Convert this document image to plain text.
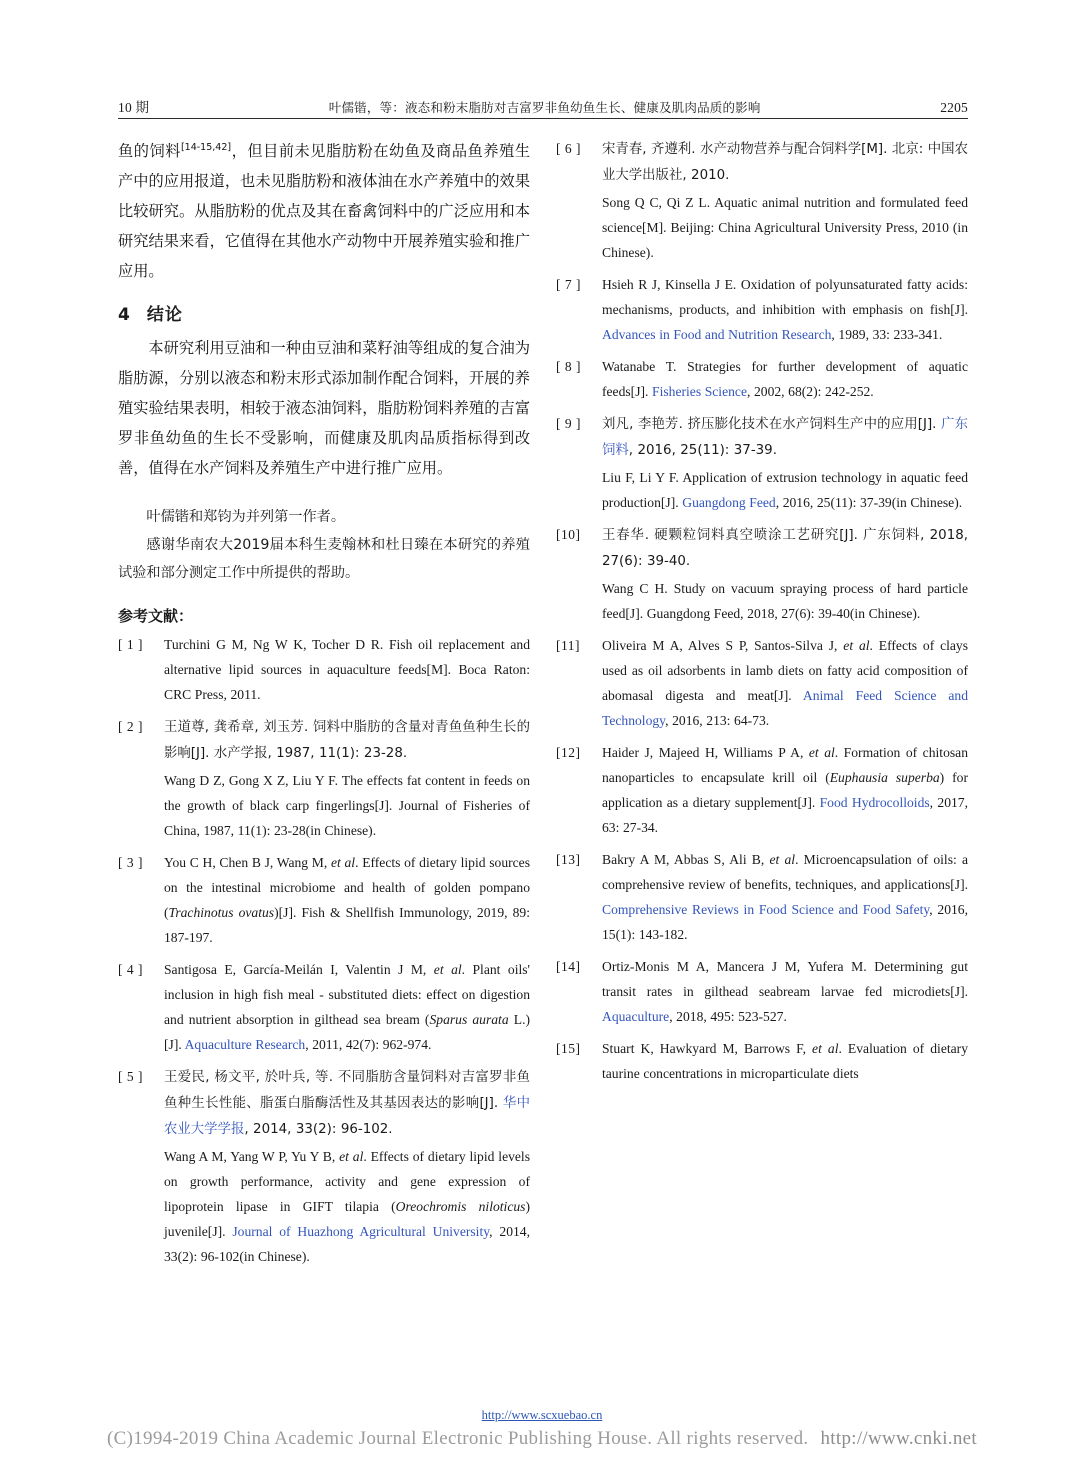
10 期	叶儒锴，等：液态和粉末脂肪对吉富罗非鱼幼鱼生长、健康及肌肉品质的影响	2205

鱼的饲料[14-15,42]，但目前未见脂肪粉在幼鱼及商品鱼养殖生产中的应用报道，也未见脂肪粉和液体油在水产养殖中的效果比较研究。从脂肪粉的优点及其在畜禽饲料中的广泛应用和本研究结果来看，它值得在其他水产动物中开展养殖实验和推广应用。

4 结论

本研究利用豆油和一种由豆油和菜籽油等组成的复合油为脂肪源，分别以液态和粉末形式添加制作配合饲料，开展的养殖实验结果表明，相较于液态油饲料，脂肪粉饲料养殖的吉富罗非鱼幼鱼的生长不受影响，而健康及肌肉品质指标得到改善，值得在水产饲料及养殖生产中进行推广应用。

叶儒锴和郑钧为并列第一作者。

感谢华南农大2019届本科生麦翰林和杜日臻在本研究的养殖试验和部分测定工作中所提供的帮助。

参考文献：
[ 1 ]	Turchini G M, Ng W K, Tocher D R. Fish oil replacement and alternative lipid sources in aquaculture feeds[M]. Boca Raton: CRC Press, 2011.
[ 2 ]	王道尊, 龚希章, 刘玉芳. 饲料中脂肪的含量对青鱼鱼种生长的影响[J]. 水产学报, 1987, 11(1): 23-28.
Wang D Z, Gong X Z, Liu Y F. The effects fat content in feeds on the growth of black carp fingerlings[J]. Journal of Fisheries of China, 1987, 11(1): 23-28(in Chinese).
[ 3 ]	You C H, Chen B J, Wang M, et al. Effects of dietary lipid sources on the intestinal microbiome and health of golden pompano (Trachinotus ovatus)[J]. Fish & Shellfish Immunology, 2019, 89: 187-197.
[ 4 ]	Santigosa E, García-Meilán I, Valentin J M, et al. Plant oils' inclusion in high fish meal - substituted diets: effect on digestion and nutrient absorption in gilthead sea bream (Sparus aurata L.)[J]. Aquaculture Research, 2011, 42(7): 962-974.
[ 5 ]	王爱民, 杨文平, 於叶兵, 等. 不同脂肪含量饲料对吉富罗非鱼鱼种生长性能、脂蛋白脂酶活性及其基因表达的影响[J]. 华中农业大学学报, 2014, 33(2): 96-102.
Wang A M, Yang W P, Yu Y B, et al. Effects of dietary lipid levels on growth performance, activity and gene expression of lipoprotein lipase in GIFT tilapia (Oreochromis niloticus) juvenile[J]. Journal of Huazhong Agricultural University, 2014, 33(2): 96-102(in Chinese).
[ 6 ]	宋青春, 齐遵利. 水产动物营养与配合饲料学[M]. 北京: 中国农业大学出版社, 2010.
Song Q C, Qi Z L. Aquatic animal nutrition and formulated feed science[M]. Beijing: China Agricultural University Press, 2010 (in Chinese).
[ 7 ]	Hsieh R J, Kinsella J E. Oxidation of polyunsaturated fatty acids: mechanisms, products, and inhibition with emphasis on fish[J]. Advances in Food and Nutrition Research, 1989, 33: 233-341.
[ 8 ]	Watanabe T. Strategies for further development of aquatic feeds[J]. Fisheries Science, 2002, 68(2): 242-252.
[ 9 ]	刘凡, 李艳芳. 挤压膨化技术在水产饲料生产中的应用[J]. 广东饲料, 2016, 25(11): 37-39.
Liu F, Li Y F. Application of extrusion technology in aquatic feed production[J]. Guangdong Feed, 2016, 25(11): 37-39(in Chinese).
[10]	王春华. 硬颗粒饲料真空喷涂工艺研究[J]. 广东饲料, 2018, 27(6): 39-40.
Wang C H. Study on vacuum spraying process of hard particle feed[J]. Guangdong Feed, 2018, 27(6): 39-40(in Chinese).
[11]	Oliveira M A, Alves S P, Santos-Silva J, et al. Effects of clays used as oil adsorbents in lamb diets on fatty acid composition of abomasal digesta and meat[J]. Animal Feed Science and Technology, 2016, 213: 64-73.
[12]	Haider J, Majeed H, Williams P A, et al. Formation of chitosan nanoparticles to encapsulate krill oil (Euphausia superba) for application as a dietary supplement[J]. Food Hydrocolloids, 2017, 63: 27-34.
[13]	Bakry A M, Abbas S, Ali B, et al. Microencapsulation of oils: a comprehensive review of benefits, techniques, and applications[J]. Comprehensive Reviews in Food Science and Food Safety, 2016, 15(1): 143-182.
[14]	Ortiz-Monis M A, Mancera J M, Yufera M. Determining gut transit rates in gilthead seabream larvae fed microdiets[J]. Aquaculture, 2018, 495: 523-527.
[15]	Stuart K, Hawkyard M, Barrows F, et al. Evaluation of dietary taurine concentrations in microparticulate diets
http://www.scxuebao.cn
(C)1994-2019 China Academic Journal Electronic Publishing House. All rights reserved. http://www.cnki.net
